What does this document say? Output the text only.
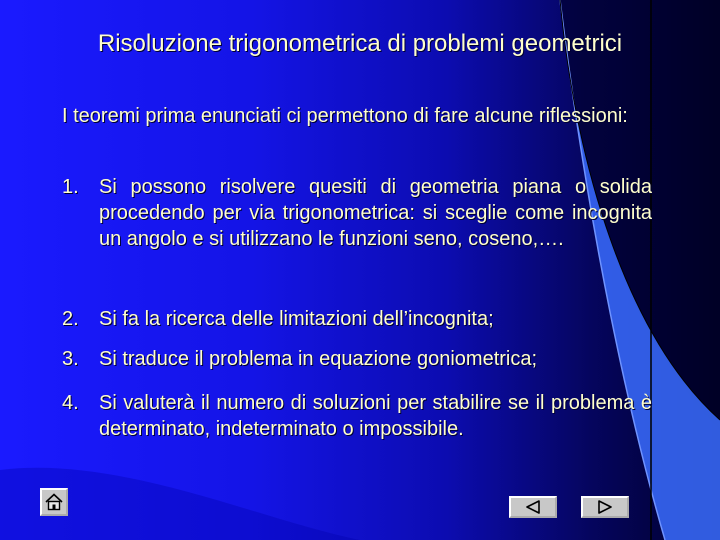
Risoluzione trigonometrica di problemi geometrici
I teoremi prima enunciati ci permettono di fare alcune riflessioni:
1.	Si possono risolvere quesiti di geometria piana o solida procedendo per via trigonometrica: si sceglie come incognita un angolo e si utilizzano le funzioni seno, coseno,….
2.	Si fa la ricerca delle limitazioni dell’incognita;
3.	Si traduce il problema in equazione goniometrica;
4.	Si valuterà il numero di soluzioni per stabilire se il problema è determinato, indeterminato o impossibile.
